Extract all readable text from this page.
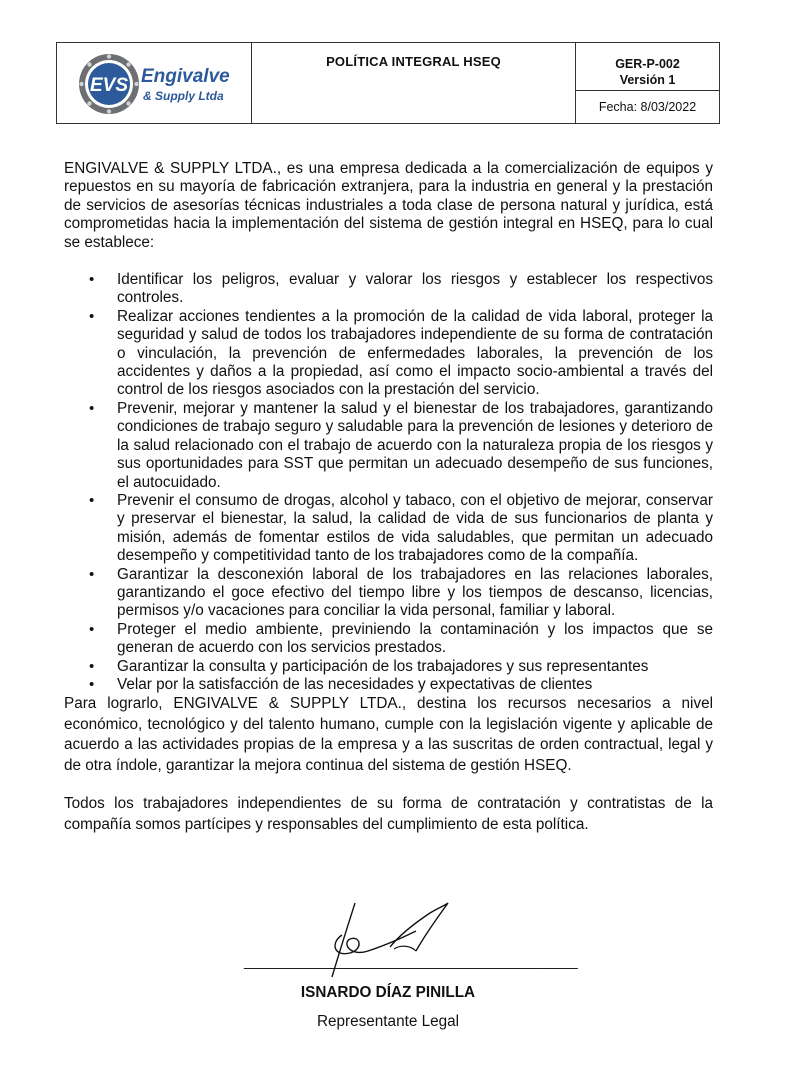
EVS Engivalve
& Supply Ltda
POLÍTICA INTEGRAL HSEQ	GER-P-002
Versión 1
Fecha: 8/03/2022

ENGIVALVE & SUPPLY LTDA., es una empresa dedicada a la comercialización de equipos y repuestos en su mayoría de fabricación extranjera, para la industria en general y la prestación de servicios de asesorías técnicas industriales a toda clase de persona natural y jurídica, está comprometidas hacia la implementación del sistema de gestión integral en HSEQ, para lo cual se establece:

• Identificar los peligros, evaluar y valorar los riesgos y establecer los respectivos controles.
• Realizar acciones tendientes a la promoción de la calidad de vida laboral, proteger la seguridad y salud de todos los trabajadores independiente de su forma de contratación o vinculación, la prevención de enfermedades laborales, la prevención de los accidentes y daños a la propiedad, así como el impacto socio-ambiental a través del control de los riesgos asociados con la prestación del servicio.
• Prevenir, mejorar y mantener la salud y el bienestar de los trabajadores, garantizando condiciones de trabajo seguro y saludable para la prevención de lesiones y deterioro de la salud relacionado con el trabajo de acuerdo con la naturaleza propia de los riesgos y sus oportunidades para SST que permitan un adecuado desempeño de sus funciones, el autocuidado.
• Prevenir el consumo de drogas, alcohol y tabaco, con el objetivo de mejorar, conservar y preservar el bienestar, la salud, la calidad de vida de sus funcionarios de planta y misión, además de fomentar estilos de vida saludables, que permitan un adecuado desempeño y competitividad tanto de los trabajadores como de la compañía.
• Garantizar la desconexión laboral de los trabajadores en las relaciones laborales, garantizando el goce efectivo del tiempo libre y los tiempos de descanso, licencias, permisos y/o vacaciones para conciliar la vida personal, familiar y laboral.
• Proteger el medio ambiente, previniendo la contaminación y los impactos que se generan de acuerdo con los servicios prestados.
• Garantizar la consulta y participación de los trabajadores y sus representantes
• Velar por la satisfacción de las necesidades y expectativas de clientes

Para lograrlo, ENGIVALVE & SUPPLY LTDA., destina los recursos necesarios a nivel económico, tecnológico y del talento humano, cumple con la legislación vigente y aplicable de acuerdo a las actividades propias de la empresa y a las suscritas de orden contractual, legal y de otra índole, garantizar la mejora continua del sistema de gestión HSEQ.

Todos los trabajadores independientes de su forma de contratación y contratistas de la compañía somos partícipes y responsables del cumplimiento de esta política.

________________________________________
ISNARDO DÍAZ PINILLA
Representante Legal
